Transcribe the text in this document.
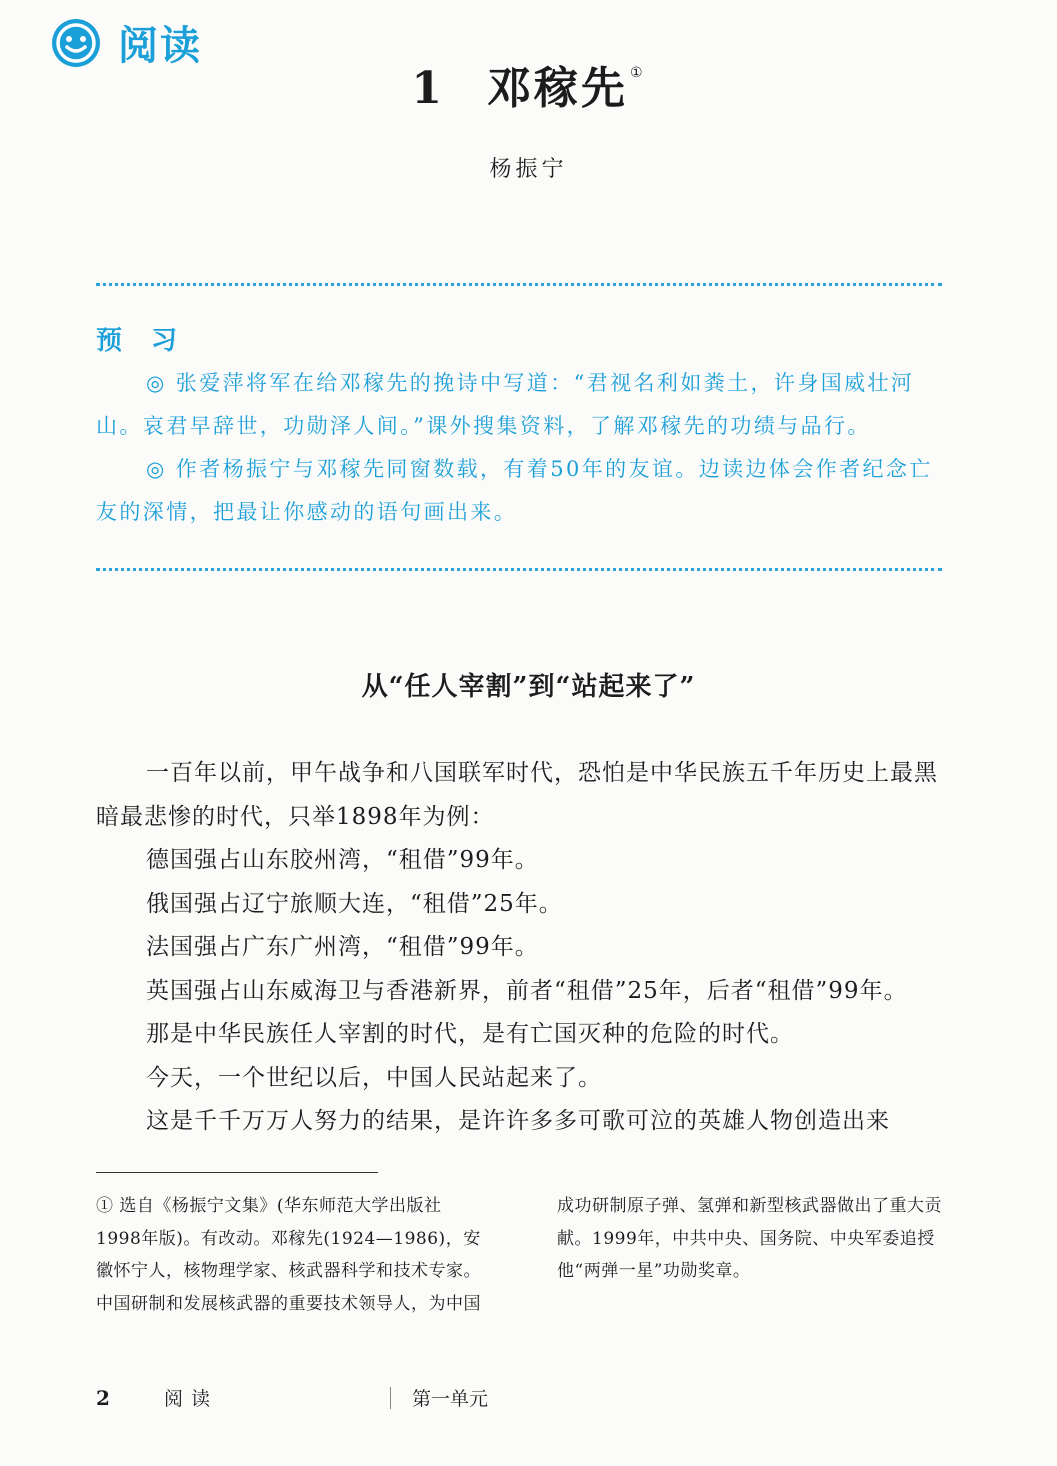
阅读
1 邓稼先 ①
杨振宁
预 习

◎ 张爱萍将军在给邓稼先的挽诗中写道：“君视名利如粪土，许身国威壮河山。哀君早辞世，功勋泽人间。”课外搜集资料，了解邓稼先的功绩与品行。

◎ 作者杨振宁与邓稼先同窗数载，有着50年的友谊。边读边体会作者纪念亡友的深情，把最让你感动的语句画出来。

从“任人宰割”到“站起来了”

一百年以前，甲午战争和八国联军时代，恐怕是中华民族五千年历史上最黑暗最悲惨的时代，只举1898年为例：

德国强占山东胶州湾，“租借”99年。

俄国强占辽宁旅顺大连，“租借”25年。

法国强占广东广州湾，“租借”99年。

英国强占山东威海卫与香港新界，前者“租借”25年，后者“租借”99年。

那是中华民族任人宰割的时代，是有亡国灭种的危险的时代。

今天，一个世纪以后，中国人民站起来了。

这是千千万万人努力的结果，是许许多多可歌可泣的英雄人物创造出来

① 选自《杨振宁文集》(华东师范大学出版社1998年版)。有改动。邓稼先(1924—1986)，安徽怀宁人，核物理学家、核武器科学和技术专家。中国研制和发展核武器的重要技术领导人，为中国成功研制原子弹、氢弹和新型核武器做出了重大贡献。1999年，中共中央、国务院、中央军委追授他“两弹一星”功勋奖章。

2	阅读	第一单元
